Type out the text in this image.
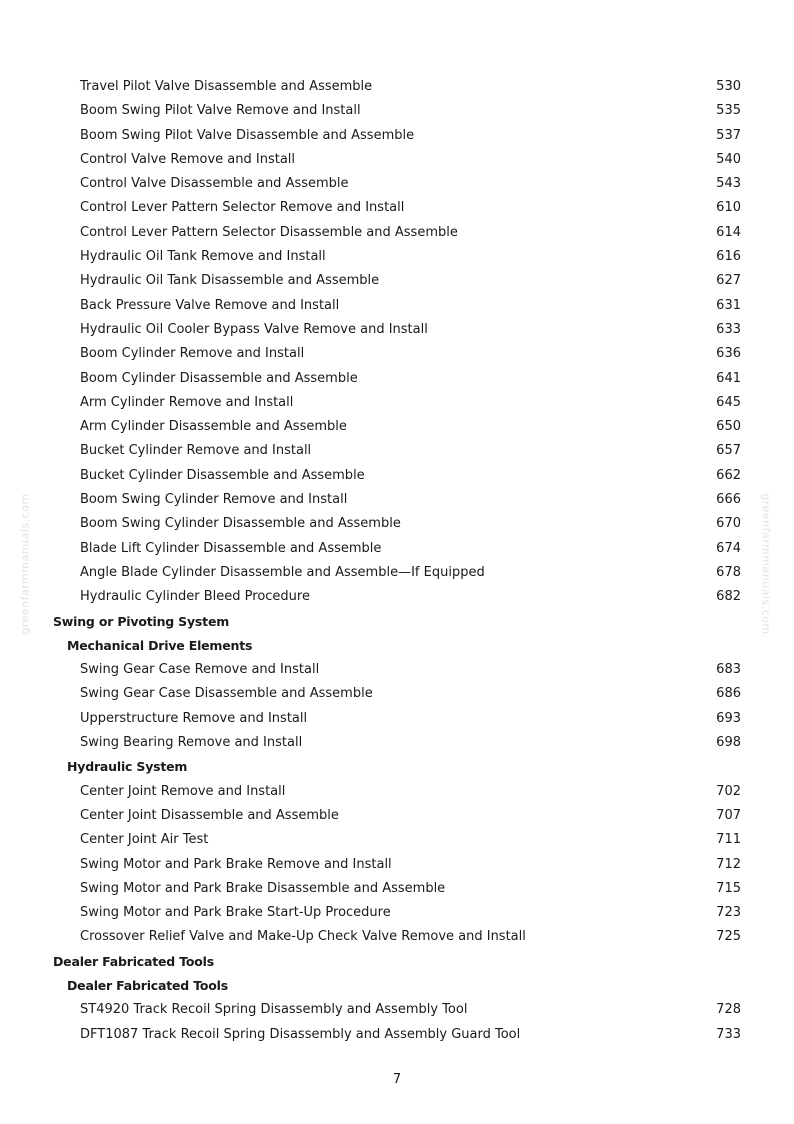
Travel Pilot Valve Disassemble and Assemble	530
Boom Swing Pilot Valve Remove and Install	535
Boom Swing Pilot Valve Disassemble and Assemble	537
Control Valve Remove and Install	540
Control Valve Disassemble and Assemble	543
Control Lever Pattern Selector Remove and Install	610
Control Lever Pattern Selector Disassemble and Assemble	614
Hydraulic Oil Tank Remove and Install	616
Hydraulic Oil Tank Disassemble and Assemble	627
Back Pressure Valve Remove and Install	631
Hydraulic Oil Cooler Bypass Valve Remove and Install	633
Boom Cylinder Remove and Install	636
Boom Cylinder Disassemble and Assemble	641
Arm Cylinder Remove and Install	645
Arm Cylinder Disassemble and Assemble	650
Bucket Cylinder Remove and Install	657
Bucket Cylinder Disassemble and Assemble	662
Boom Swing Cylinder Remove and Install	666
Boom Swing Cylinder Disassemble and Assemble	670
Blade Lift Cylinder Disassemble and Assemble	674
Angle Blade Cylinder Disassemble and Assemble—If Equipped	678
Hydraulic Cylinder Bleed Procedure	682
Swing or Pivoting System
Mechanical Drive Elements
Swing Gear Case Remove and Install	683
Swing Gear Case Disassemble and Assemble	686
Upperstructure Remove and Install	693
Swing Bearing Remove and Install	698
Hydraulic System
Center Joint Remove and Install	702
Center Joint Disassemble and Assemble	707
Center Joint Air Test	711
Swing Motor and Park Brake Remove and Install	712
Swing Motor and Park Brake Disassemble and Assemble	715
Swing Motor and Park Brake Start-Up Procedure	723
Crossover Relief Valve and Make-Up Check Valve Remove and Install	725
Dealer Fabricated Tools
Dealer Fabricated Tools
ST4920 Track Recoil Spring Disassembly and Assembly Tool	728
DFT1087 Track Recoil Spring Disassembly and Assembly Guard Tool	733
7
greenfarmmanuals.com	greenfarmmanuals.com
